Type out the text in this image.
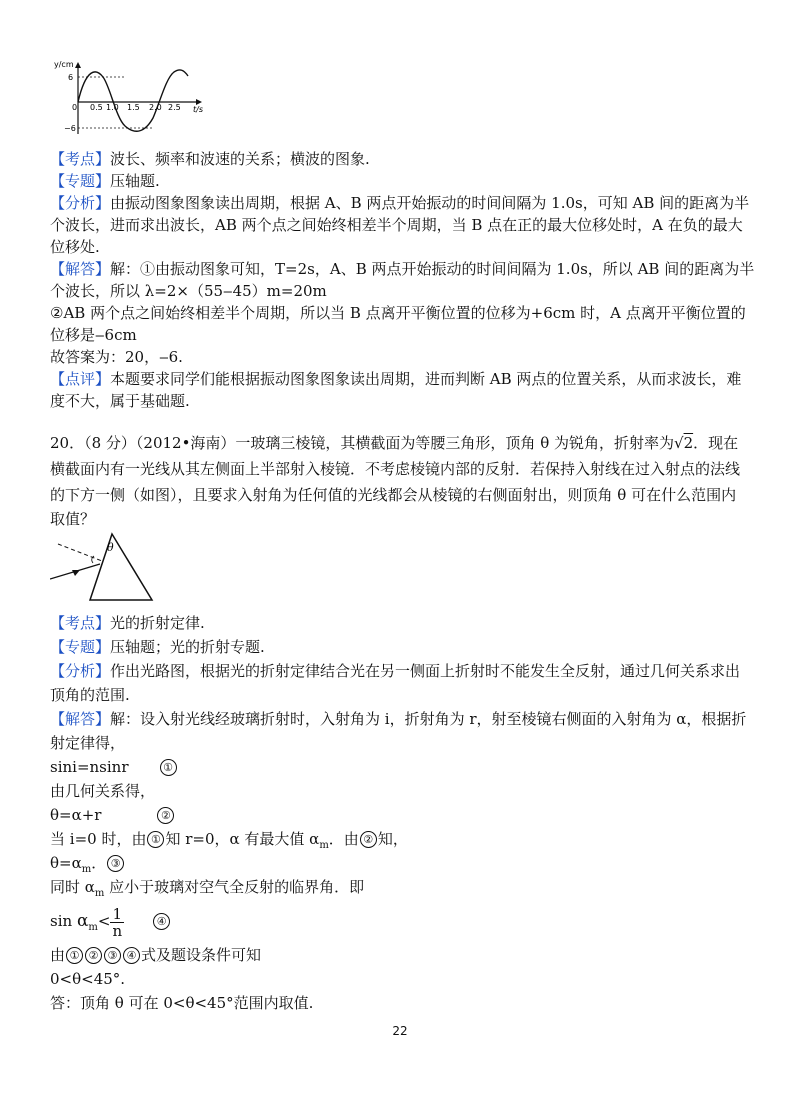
y/cm
t/s
6
−6
0 0.5 1.0 1.5 2.0 2.5
【考点】波长、频率和波速的关系；横波的图象.
【专题】压轴题.
【分析】由振动图象图象读出周期，根据 A、B 两点开始振动的时间间隔为 1.0s，可知 AB 间的距离为半
个波长，进而求出波长，AB 两个点之间始终相差半个周期，当 B 点在正的最大位移处时，A 在负的最大
位移处.
【解答】解：①由振动图象可知，T=2s，A、B 两点开始振动的时间间隔为 1.0s，所以 AB 间的距离为半
个波长，所以 λ=2×（55‒45）m=20m
②AB 两个点之间始终相差半个周期，所以当 B 点离开平衡位置的位移为+6cm 时，A 点离开平衡位置的
位移是‒6cm
故答案为：20，‒6.
【点评】本题要求同学们能根据振动图象图象读出周期，进而判断 AB 两点的位置关系，从而求波长，难
度不大，属于基础题.
20．（8 分）（2012•海南）一玻璃三棱镜，其横截面为等腰三角形，顶角 θ 为锐角，折射率为√2．现在
横截面内有一光线从其左侧面上半部射入棱镜．不考虑棱镜内部的反射．若保持入射线在过入射点的法线
的下方一侧（如图），且要求入射角为任何值的光线都会从棱镜的右侧面射出，则顶角 θ 可在什么范围内
取值？
θ
【考点】光的折射定律.
【专题】压轴题；光的折射专题.
【分析】作出光路图，根据光的折射定律结合光在另一侧面上折射时不能发生全反射，通过几何关系求出
顶角的范围.
【解答】解：设入射光线经玻璃折射时，入射角为 i，折射角为 r，射至棱镜右侧面的入射角为 α，根据折
射定律得，
sini=nsinr	①
由几何关系得，
θ=α+r	②
当 i=0 时，由 ① 知 r=0，α 有最大值 $\alpha_m$．由 ② 知，
$\theta=\alpha_m$． ③
同时 $\alpha_m$ 应小于玻璃对空气全反射的临界角．即
$\sin \alpha_m< \frac{1}{n}$	④
由 ① ② ③ ④ 式及题设条件可知
0<θ<45°.
答：顶角 θ 可在 0<θ<45°范围内取值.
22
